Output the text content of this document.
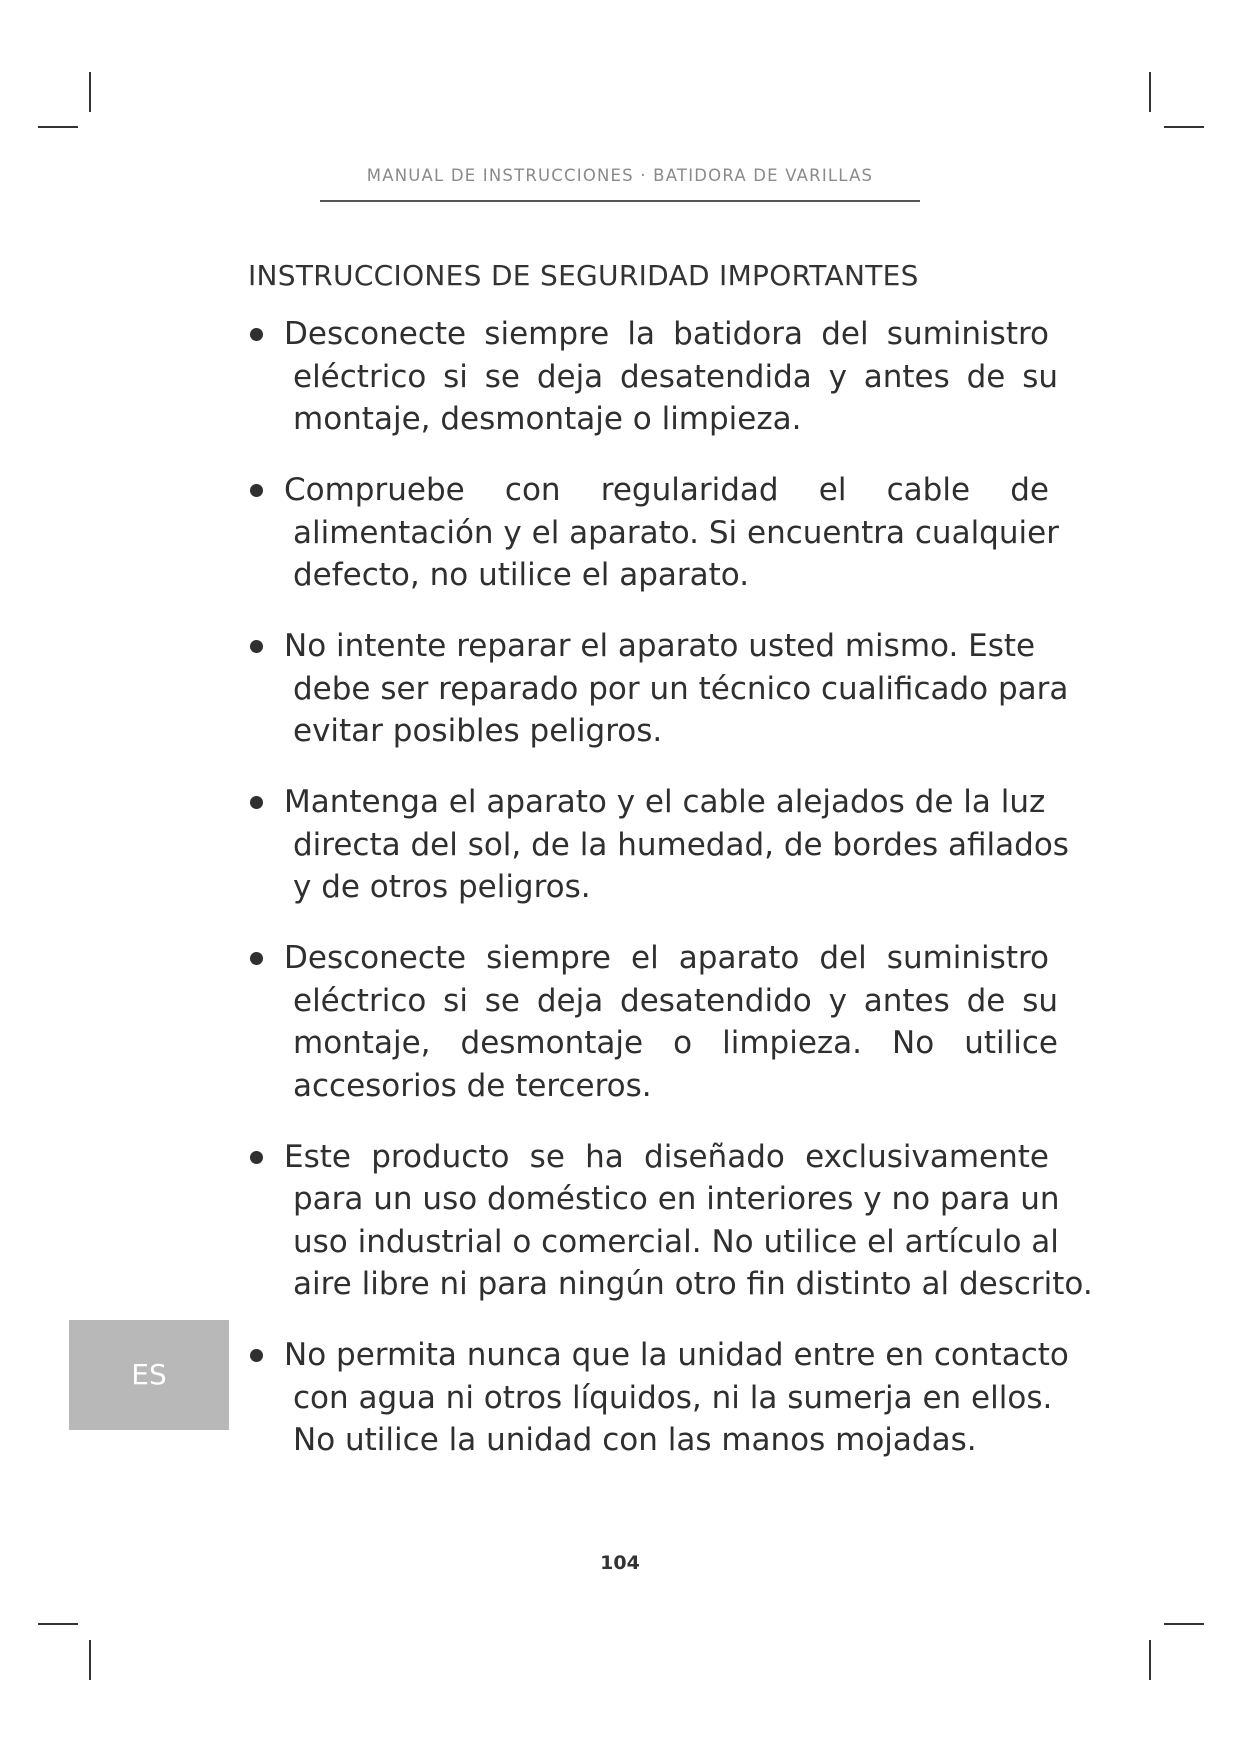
MANUAL DE INSTRUCCIONES · BATIDORA DE VARILLAS
INSTRUCCIONES DE SEGURIDAD IMPORTANTES
Desconecte siempre la batidora del suministro
eléctrico si se deja desatendida y antes de su
montaje, desmontaje o limpieza.
Compruebe con regularidad el cable de
alimentación y el aparato. Si encuentra cualquier
defecto, no utilice el aparato.
No intente reparar el aparato usted mismo. Este
debe ser reparado por un técnico cualificado para
evitar posibles peligros.
Mantenga el aparato y el cable alejados de la luz
directa del sol, de la humedad, de bordes afilados
y de otros peligros.
Desconecte siempre el aparato del suministro
eléctrico si se deja desatendido y antes de su
montaje, desmontaje o limpieza. No utilice
accesorios de terceros.
Este producto se ha diseñado exclusivamente
para un uso doméstico en interiores y no para un
uso industrial o comercial. No utilice el artículo al
aire libre ni para ningún otro fin distinto al descrito.
No permita nunca que la unidad entre en contacto
con agua ni otros líquidos, ni la sumerja en ellos.
No utilice la unidad con las manos mojadas.
ES
104
